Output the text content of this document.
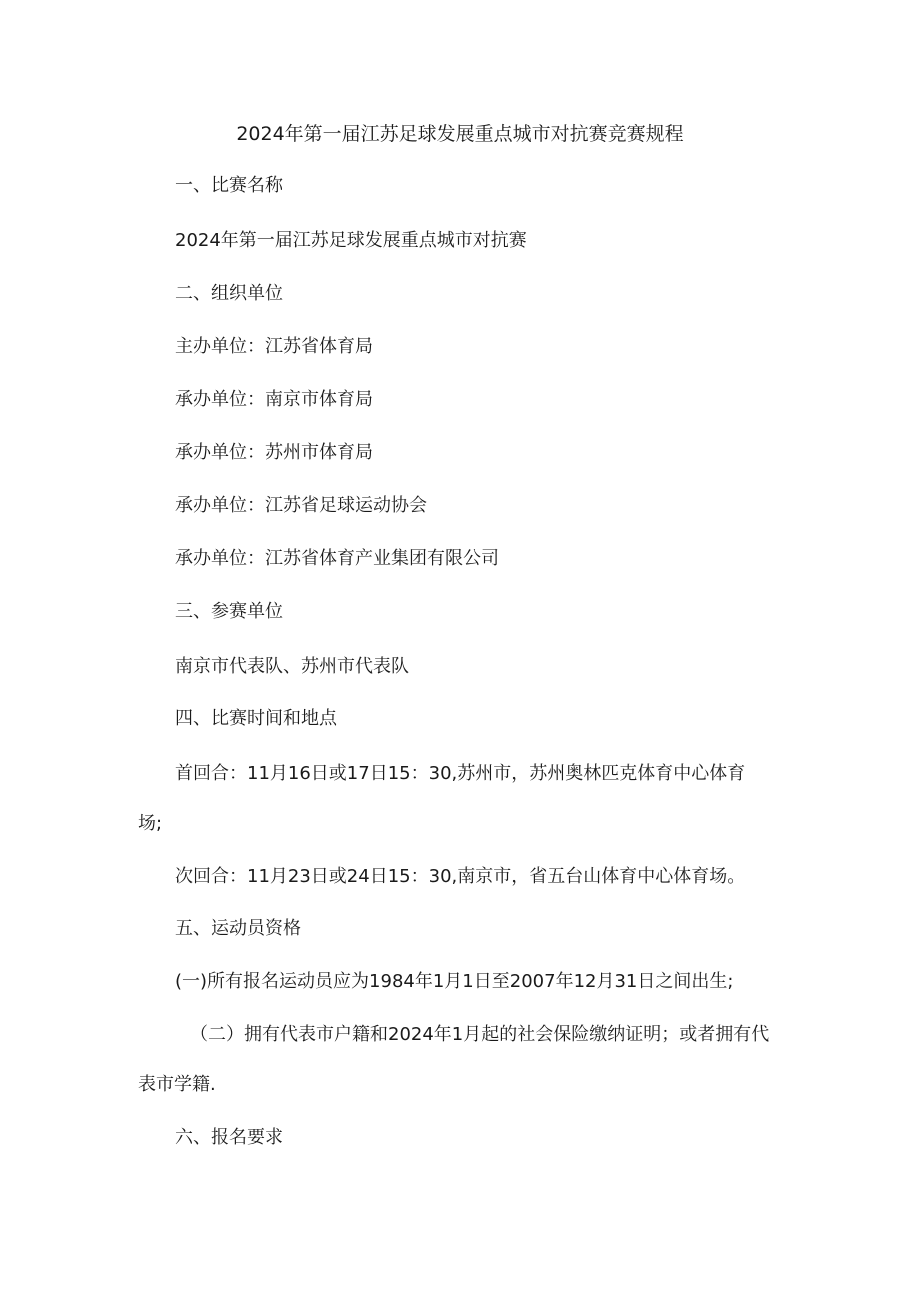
2024年第一届江苏足球发展重点城市对抗赛竞赛规程

一、比赛名称

2024年第一届江苏足球发展重点城市对抗赛

二、组织单位

主办单位：江苏省体育局

承办单位：南京市体育局

承办单位：苏州市体育局

承办单位：江苏省足球运动协会

承办单位：江苏省体育产业集团有限公司

三、参赛单位

南京市代表队、苏州市代表队

四、比赛时间和地点

首回合：11月16日或17日15：30,苏州市，苏州奥林匹克体育中心体育

场;

次回合：11月23日或24日15：30,南京市，省五台山体育中心体育场。

五、运动员资格

(一)所有报名运动员应为1984年1月1日至2007年12月31日之间出生;

（二）拥有代表市户籍和2024年1月起的社会保险缴纳证明；或者拥有代

表市学籍.

六、报名要求
